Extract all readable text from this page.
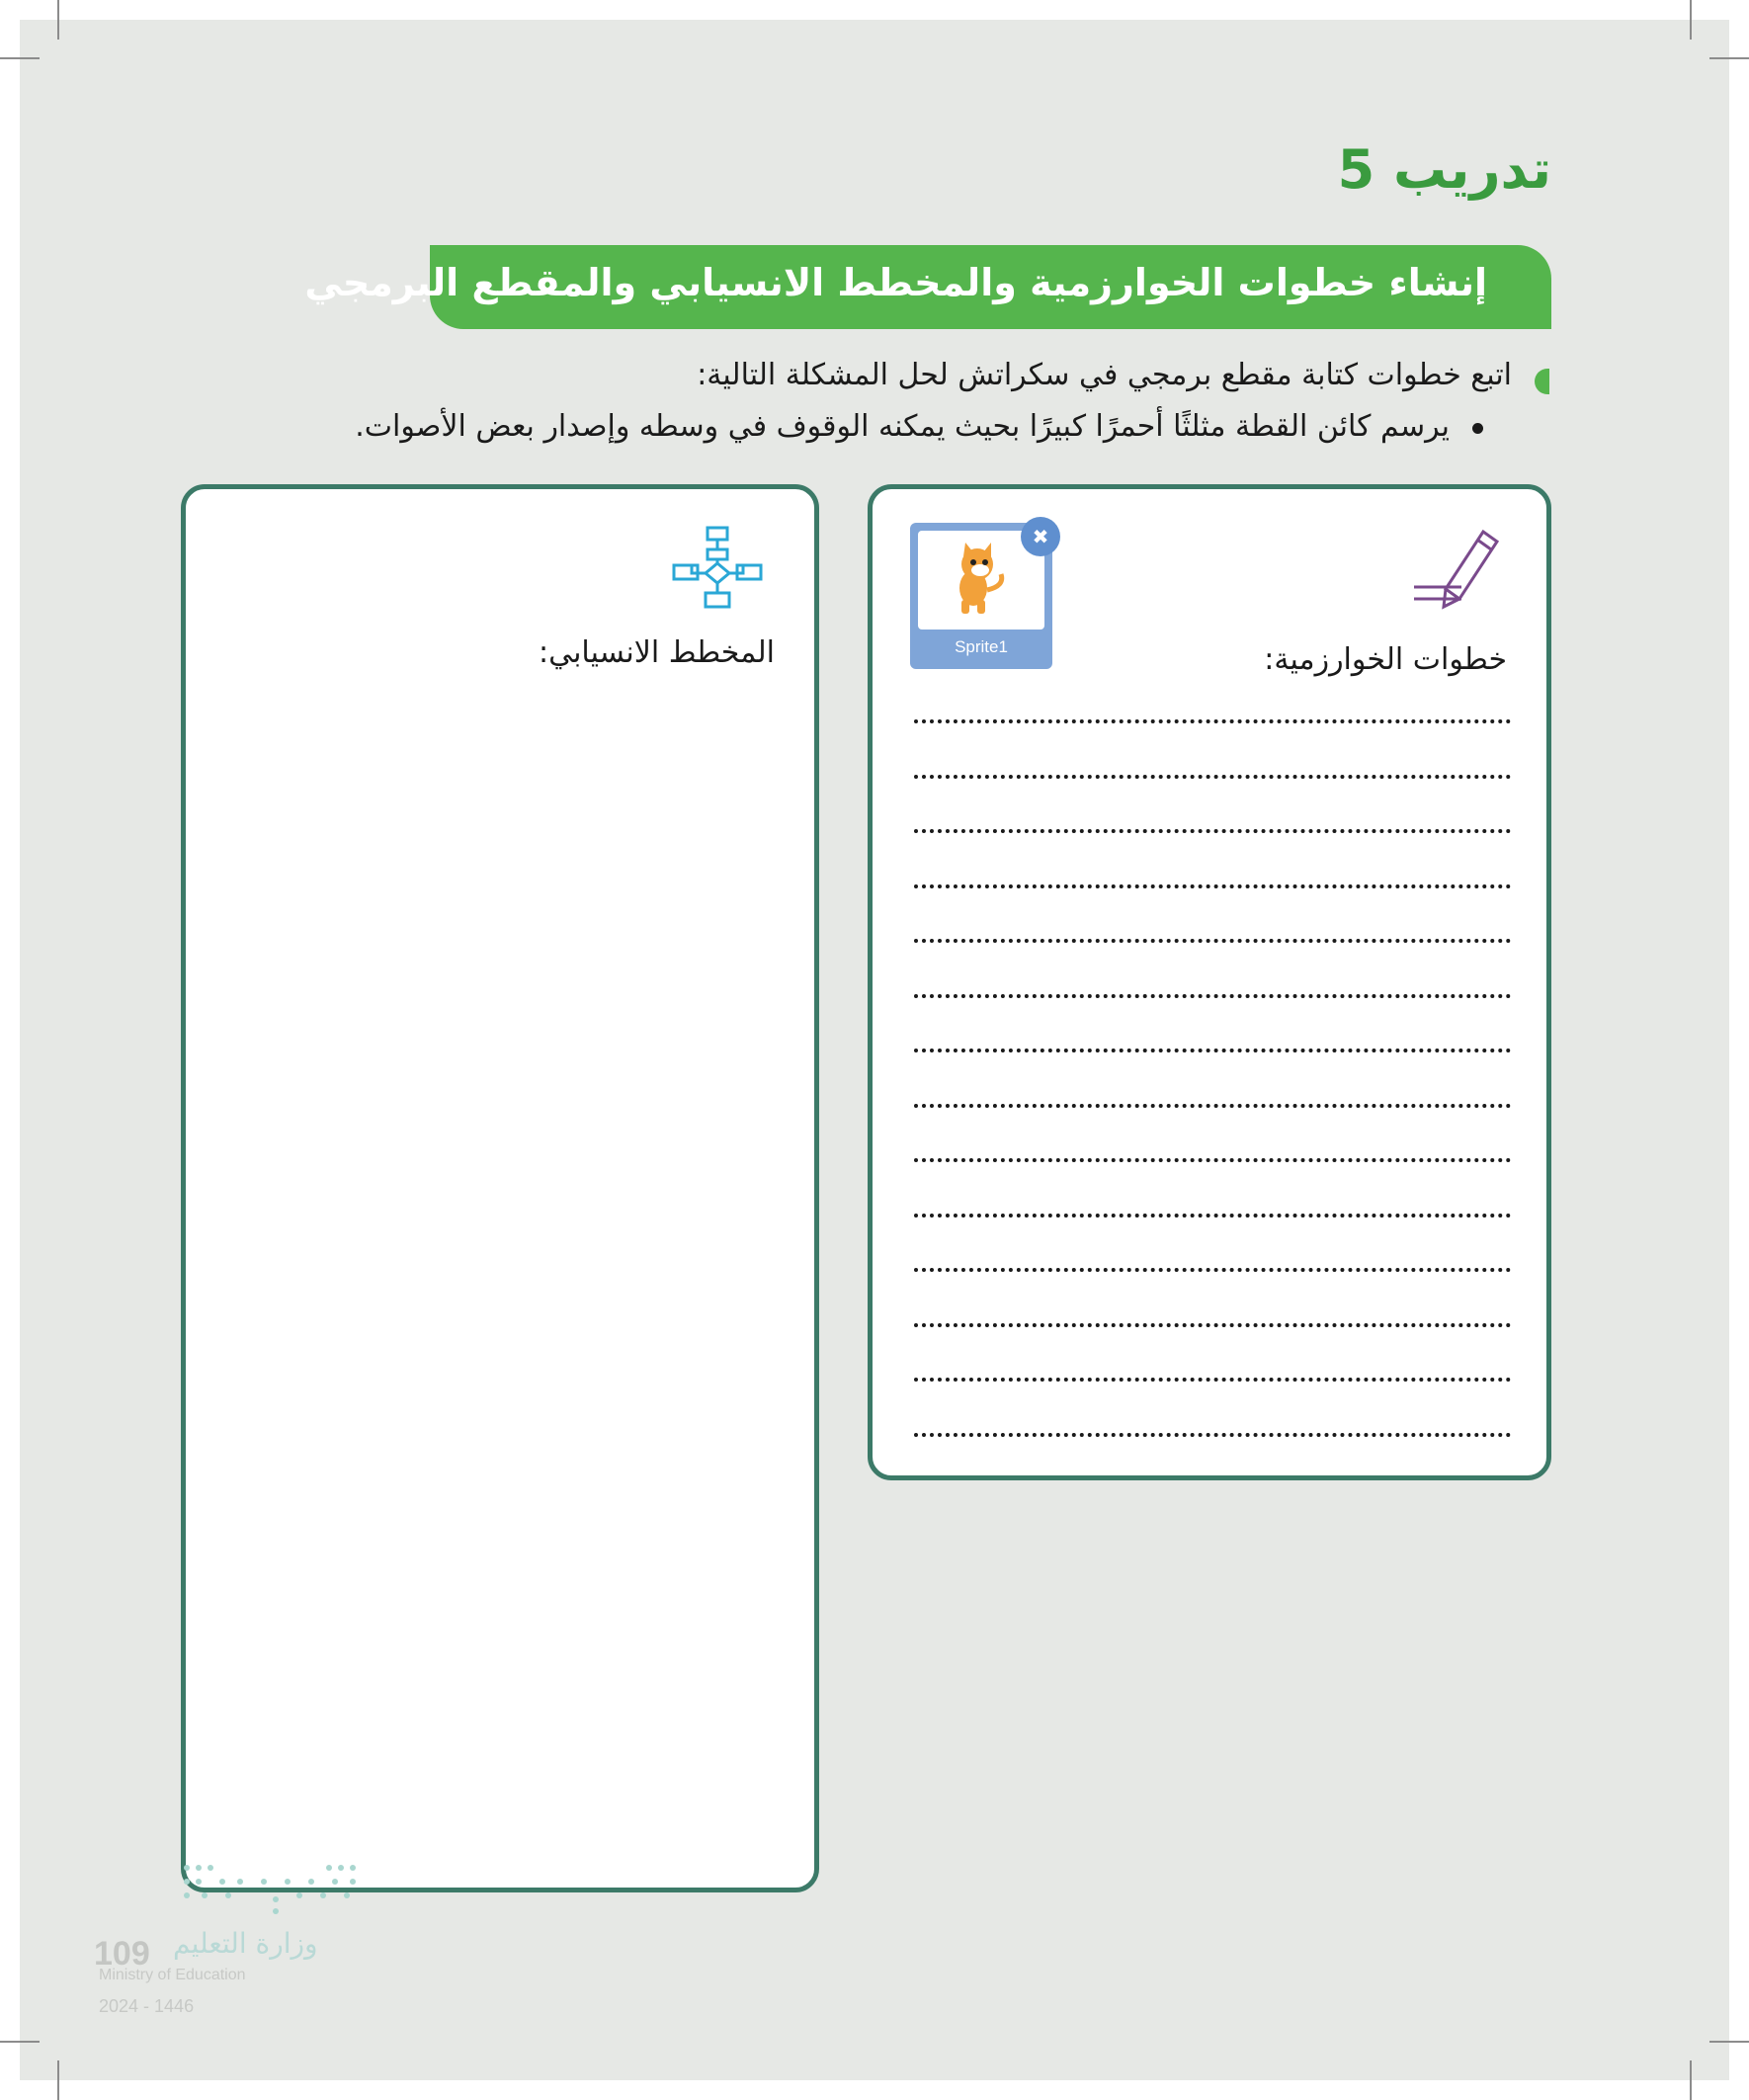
تدريب 5
إنشاء خطوات الخوارزمية والمخطط الانسيابي والمقطع البرمجي
اتبع خطوات كتابة مقطع برمجي في سكراتش لحل المشكلة التالية:
يرسم كائن القطة مثلثًا أحمرًا كبيرًا بحيث يمكنه الوقوف في وسطه وإصدار بعض الأصوات.
✖
Sprite1	خطوات الخوارزمية:
المخطط الانسيابي:
وزارة التعليم
109
Ministry of Education
2024 - 1446
